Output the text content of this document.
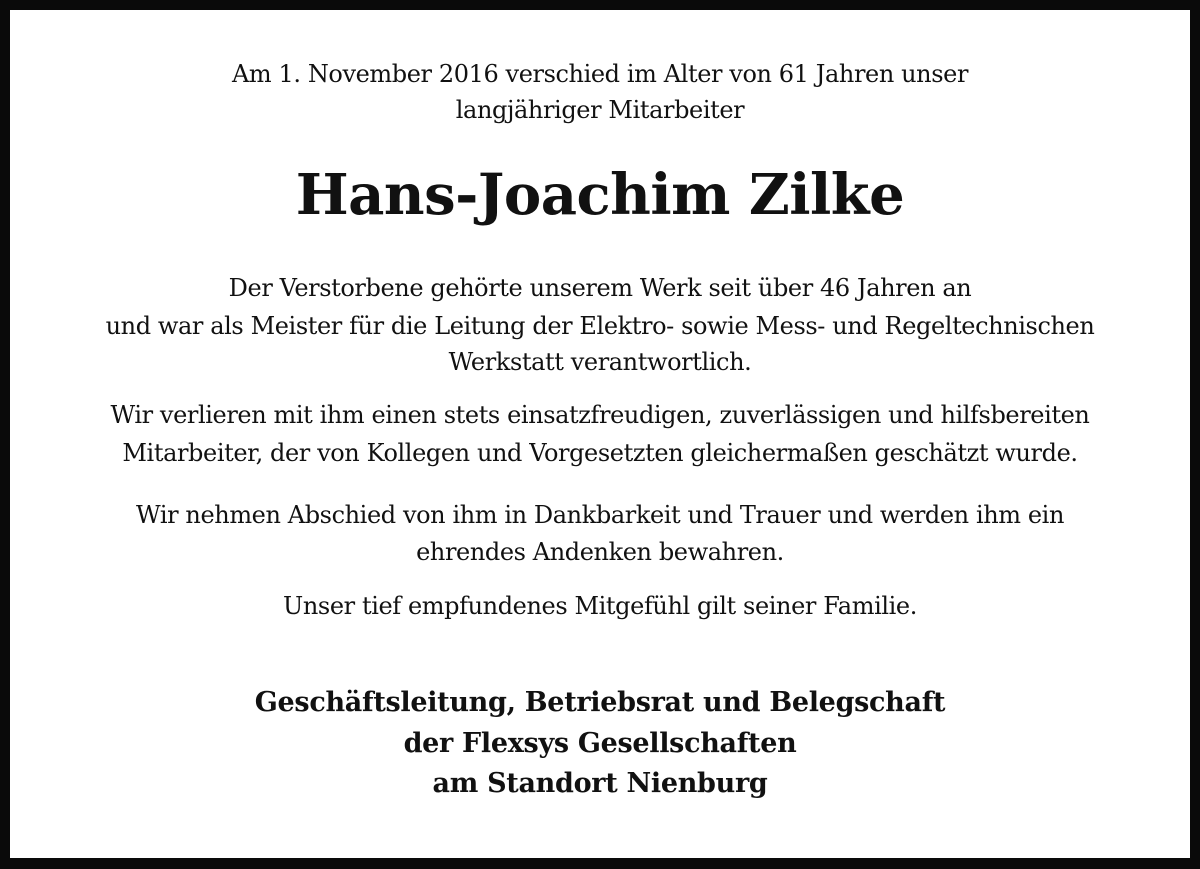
Am 1. November 2016 verschied im Alter von 61 Jahren unser

langjähriger Mitarbeiter

Hans-Joachim Zilke

Der Verstorbene gehörte unserem Werk seit über 46 Jahren an

und war als Meister für die Leitung der Elektro- sowie Mess- und Regeltechnischen

Werkstatt verantwortlich.

Wir verlieren mit ihm einen stets einsatzfreudigen, zuverlässigen und hilfsbereiten

Mitarbeiter, der von Kollegen und Vorgesetzten gleichermaßen geschätzt wurde.

Wir nehmen Abschied von ihm in Dankbarkeit und Trauer und werden ihm ein

ehrendes Andenken bewahren.

Unser tief empfundenes Mitgefühl gilt seiner Familie.

Geschäftsleitung, Betriebsrat und Belegschaft

der Flexsys Gesellschaften

am Standort Nienburg
